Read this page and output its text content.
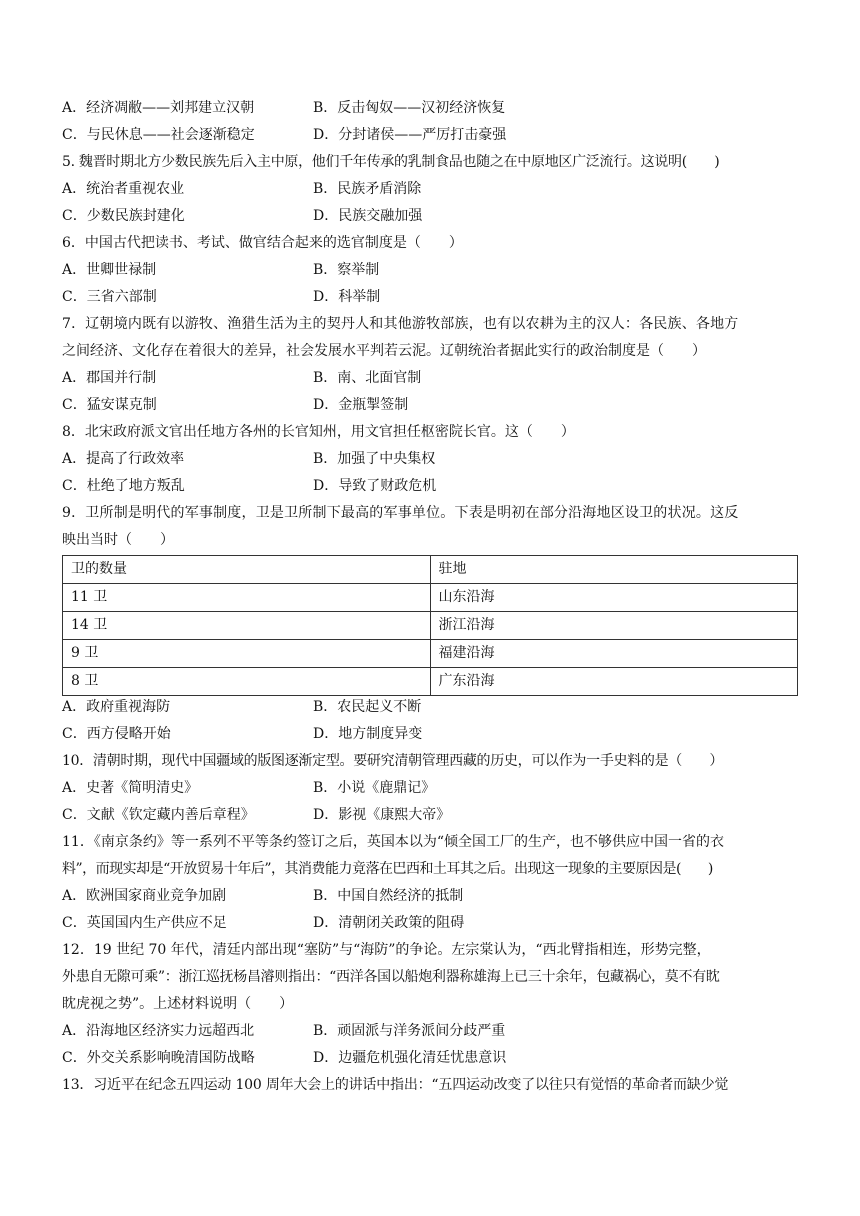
A．经济凋敝——刘邦建立汉朝	B．反击匈奴——汉初经济恢复
C．与民休息——社会逐渐稳定	D．分封诸侯——严厉打击豪强
5. 魏晋时期北方少数民族先后入主中原，他们千年传承的乳制食品也随之在中原地区广泛流行。这说明(　　)
A．统治者重视农业	B．民族矛盾消除
C．少数民族封建化	D．民族交融加强
6．中国古代把读书、考试、做官结合起来的选官制度是（　　）
A．世卿世禄制	B．察举制
C．三省六部制	D．科举制
7．辽朝境内既有以游牧、渔猎生活为主的契丹人和其他游牧部族，也有以农耕为主的汉人：各民族、各地方
之间经济、文化存在着很大的差异，社会发展水平判若云泥。辽朝统治者据此实行的政治制度是（　　）
A．郡国并行制	B．南、北面官制
C．猛安谋克制	D．金瓶掣签制
8．北宋政府派文官出任地方各州的长官知州，用文官担任枢密院长官。这（　　）
A．提高了行政效率	B．加强了中央集权
C．杜绝了地方叛乱	D．导致了财政危机
9．卫所制是明代的军事制度，卫是卫所制下最高的军事单位。下表是明初在部分沿海地区设卫的状况。这反
映出当时（　　）
卫的数量	驻地
11 卫	山东沿海
14 卫	浙江沿海
9 卫	福建沿海
8 卫	广东沿海
A．政府重视海防	B．农民起义不断
C．西方侵略开始	D．地方制度异变
10．清朝时期，现代中国疆域的版图逐渐定型。要研究清朝管理西藏的历史，可以作为一手史料的是（　　）
A．史著《简明清史》	B．小说《鹿鼎记》
C．文献《钦定藏内善后章程》	D．影视《康熙大帝》
11．《南京条约》等一系列不平等条约签订之后，英国本以为“倾全国工厂的生产，也不够供应中国一省的衣
料”，而现实却是“开放贸易十年后”，其消费能力竟落在巴西和土耳其之后。出现这一现象的主要原因是(　　)
A．欧洲国家商业竞争加剧	B．中国自然经济的抵制
C．英国国内生产供应不足	D．清朝闭关政策的阻碍
12．19 世纪 70 年代，清廷内部出现“塞防”与“海防”的争论。左宗棠认为，“西北臂指相连，形势完整，
外患自无隙可乘”：浙江巡抚杨昌濬则指出：“西洋各国以船炮利器称雄海上已三十余年，包藏祸心，莫不有眈
眈虎视之势”。上述材料说明（　　）
A．沿海地区经济实力远超西北	B．顽固派与洋务派间分歧严重
C．外交关系影响晚清国防战略	D．边疆危机强化清廷忧患意识
13．习近平在纪念五四运动 100 周年大会上的讲话中指出：“五四运动改变了以往只有觉悟的革命者而缺少觉
